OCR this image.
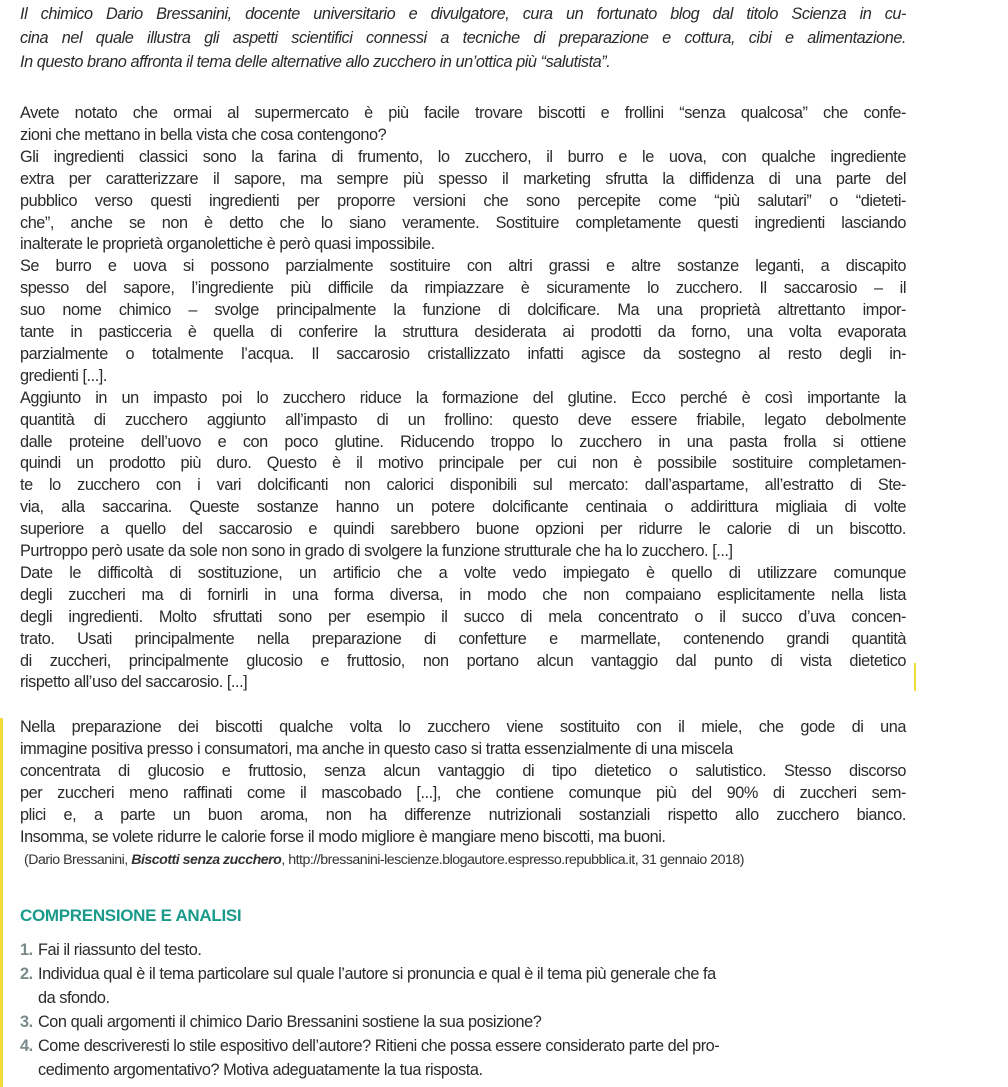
Il chimico Dario Bressanini, docente universitario e divulgatore, cura un fortunato blog dal titolo Scienza in cu-
cina nel quale illustra gli aspetti scientifici connessi a tecniche di preparazione e cottura, cibi e alimentazione.
In questo brano affronta il tema delle alternative allo zucchero in un’ottica più “salutista”.
Avete notato che ormai al supermercato è più facile trovare biscotti e frollini “senza qualcosa” che confe-
zioni che mettano in bella vista che cosa contengono?
Gli ingredienti classici sono la farina di frumento, lo zucchero, il burro e le uova, con qualche ingrediente
extra per caratterizzare il sapore, ma sempre più spesso il marketing sfrutta la diffidenza di una parte del
pubblico verso questi ingredienti per proporre versioni che sono percepite come “più salutari” o “dieteti-
che”, anche se non è detto che lo siano veramente. Sostituire completamente questi ingredienti lasciando
inalterate le proprietà organolettiche è però quasi impossibile.
Se burro e uova si possono parzialmente sostituire con altri grassi e altre sostanze leganti, a discapito
spesso del sapore, l’ingrediente più difficile da rimpiazzare è sicuramente lo zucchero. Il saccarosio – il
suo nome chimico – svolge principalmente la funzione di dolcificare. Ma una proprietà altrettanto impor-
tante in pasticceria è quella di conferire la struttura desiderata ai prodotti da forno, una volta evaporata
parzialmente o totalmente l’acqua. Il saccarosio cristallizzato infatti agisce da sostegno al resto degli in-
gredienti [...].
Aggiunto in un impasto poi lo zucchero riduce la formazione del glutine. Ecco perché è così importante la
quantità di zucchero aggiunto all’impasto di un frollino: questo deve essere friabile, legato debolmente
dalle proteine dell’uovo e con poco glutine. Riducendo troppo lo zucchero in una pasta frolla si ottiene
quindi un prodotto più duro. Questo è il motivo principale per cui non è possibile sostituire completamen-
te lo zucchero con i vari dolcificanti non calorici disponibili sul mercato: dall’aspartame, all’estratto di Ste-
via, alla saccarina. Queste sostanze hanno un potere dolcificante centinaia o addirittura migliaia di volte
superiore a quello del saccarosio e quindi sarebbero buone opzioni per ridurre le calorie di un biscotto.
Purtroppo però usate da sole non sono in grado di svolgere la funzione strutturale che ha lo zucchero. [...]
Date le difficoltà di sostituzione, un artificio che a volte vedo impiegato è quello di utilizzare comunque
degli zuccheri ma di fornirli in una forma diversa, in modo che non compaiano esplicitamente nella lista
degli ingredienti. Molto sfruttati sono per esempio il succo di mela concentrato o il succo d’uva concen-
trato. Usati principalmente nella preparazione di confetture e marmellate, contenendo grandi quantità
di zuccheri, principalmente glucosio e fruttosio, non portano alcun vantaggio dal punto di vista dietetico
rispetto all’uso del saccarosio. [...]
Nella preparazione dei biscotti qualche volta lo zucchero viene sostituito con il miele, che gode di una
immagine positiva presso i consumatori, ma anche in questo caso si tratta essenzialmente di una miscela
concentrata di glucosio e fruttosio, senza alcun vantaggio di tipo dietetico o salutistico. Stesso discorso
per zuccheri meno raffinati come il mascobado [...], che contiene comunque più del 90% di zuccheri sem-
plici e, a parte un buon aroma, non ha differenze nutrizionali sostanziali rispetto allo zucchero bianco.
Insomma, se volete ridurre le calorie forse il modo migliore è mangiare meno biscotti, ma buoni.
(Dario Bressanini, Biscotti senza zucchero, http://bressanini-lescienze.blogautore.espresso.repubblica.it, 31 gennaio 2018)
COMPRENSIONE E ANALISI
1. Fai il riassunto del testo.
2. Individua qual è il tema particolare sul quale l’autore si pronuncia e qual è il tema più generale che fa
da sfondo.
3. Con quali argomenti il chimico Dario Bressanini sostiene la sua posizione?
4. Come descriveresti lo stile espositivo dell’autore? Ritieni che possa essere considerato parte del pro-
cedimento argomentativo? Motiva adeguatamente la tua risposta.
